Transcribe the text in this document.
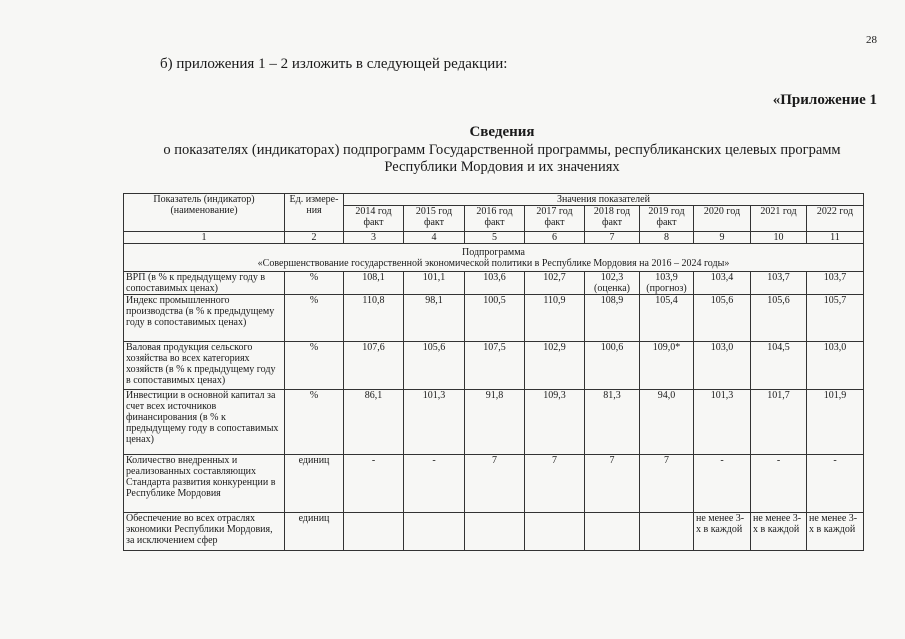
28
б) приложения 1 – 2 изложить в следующей редакции:
«Приложение 1
Сведения
о показателях (индикаторах) подпрограмм Государственной программы, республиканских целевых программ
Республики Мордовия и их значениях
Показатель (индикатор) (наименование)	Ед. измере-ния	Значения показателей								
		2014 год факт	2015 год факт	2016 год факт	2017 год факт	2018 год факт	2019 год факт	2020 год	2021 год	2022 год
1	2	3	4	5	6	7	8	9	10	11

Подпрограмма
«Совершенствование государственной экономической политики в Республике Мордовия на 2016 – 2024 годы»										

ВРП (в % к предыдущему году в сопоставимых ценах)	%	108,1	101,1	103,6	102,7	102,3 (оценка)	103,9 (прогноз)	103,4	103,7	103,7
Индекс промышленного производства (в % к предыдущему году в сопоставимых ценах)	%	110,8	98,1	100,5	110,9	108,9	105,4	105,6	105,6	105,7
Валовая продукция сельского хозяйства во всех категориях хозяйств (в % к предыдущему году в сопоставимых ценах)	%	107,6	105,6	107,5	102,9	100,6	109,0*	103,0	104,5	103,0
Инвестиции в основной капитал за счет всех источников финансирования (в % к предыдущему году в сопоставимых ценах)	%	86,1	101,3	91,8	109,3	81,3	94,0	101,3	101,7	101,9
Количество внедренных и реализованных составляющих Стандарта развития конкуренции в Республике Мордовия	единиц	-	-	7	7	7	7	-	-	-
Обеспечение во всех отраслях экономики Республики Мордовия, за исключением сфер	единиц							не менее 3-х в каждой	не менее 3-х в каждой	не менее 3-х в каждой
